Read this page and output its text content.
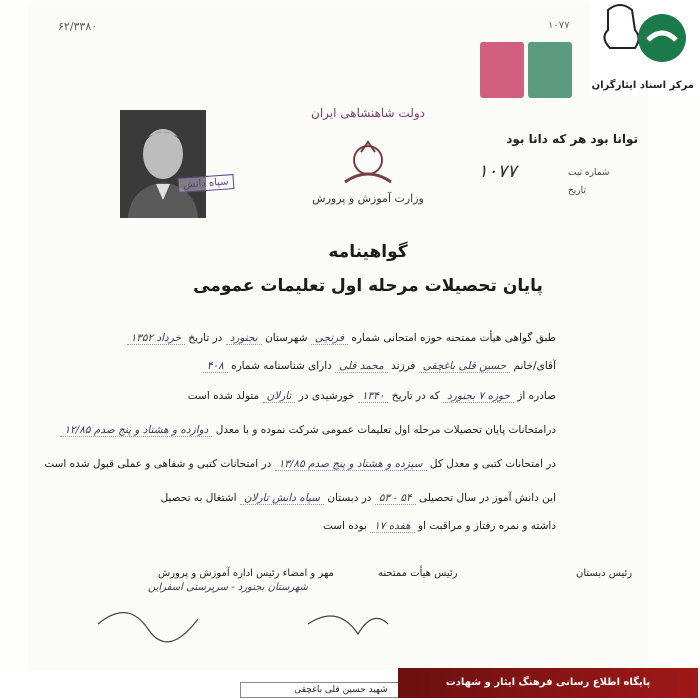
۶۲/۳۳۸۰	۱۰۷۷
سپاه دانش
دولت شاهنشاهی ایران
وزارت آموزش و پرورش
توانا بود هر که دانا بود
شماره ثبت
۱۰۷۷
تاریخ
گواهینامه
پایان تحصیلات مرحله اول تعلیمات عمومی
طبق گواهی هیأت ممتحنه حوزه امتحانی شماره فرنجی شهرستان بجنورد در تاریخ خرداد ۱۳۵۲
آقای/خانم حسین قلی باغچقی فرزند محمد قلی دارای شناسنامه شماره ۴۰۸
صادره از حوزه ۷ بجنورد که در تاریخ ۱۳۴۰ خورشیدی در تارلان متولد شده است
درامتحانات پایان تحصیلات مرحله اول تعلیمات عمومی شرکت نموده و با معدل دوازده و هشتاد و پنج صدم ۱۲/۸۵
در امتحانات کتبی و معدل کل سیزده و هشتاد و پنج صدم ۱۳/۸۵ در امتحانات کتبی و شفاهی و عملی قبول شده است
این دانش آموز در سال تحصیلی ۵۴ - ۵۳ در دبستان سپاه دانش تارلان اشتغال به تحصیل
داشته و نمره رفتار و مراقبت او هفده ۱۷ بوده است
رئیس دبستان
رئیس هیأت ممتحنه
مهر و امضاء رئیس اداره آموزش و پرورش
شهرستان بجنورد - سرپرستی اسفراین
مرکز اسناد ایثارگران
شهید حسین قلی باغچقی
پایگاه اطلاع رسانی فرهنگ ایثار و شهادت
